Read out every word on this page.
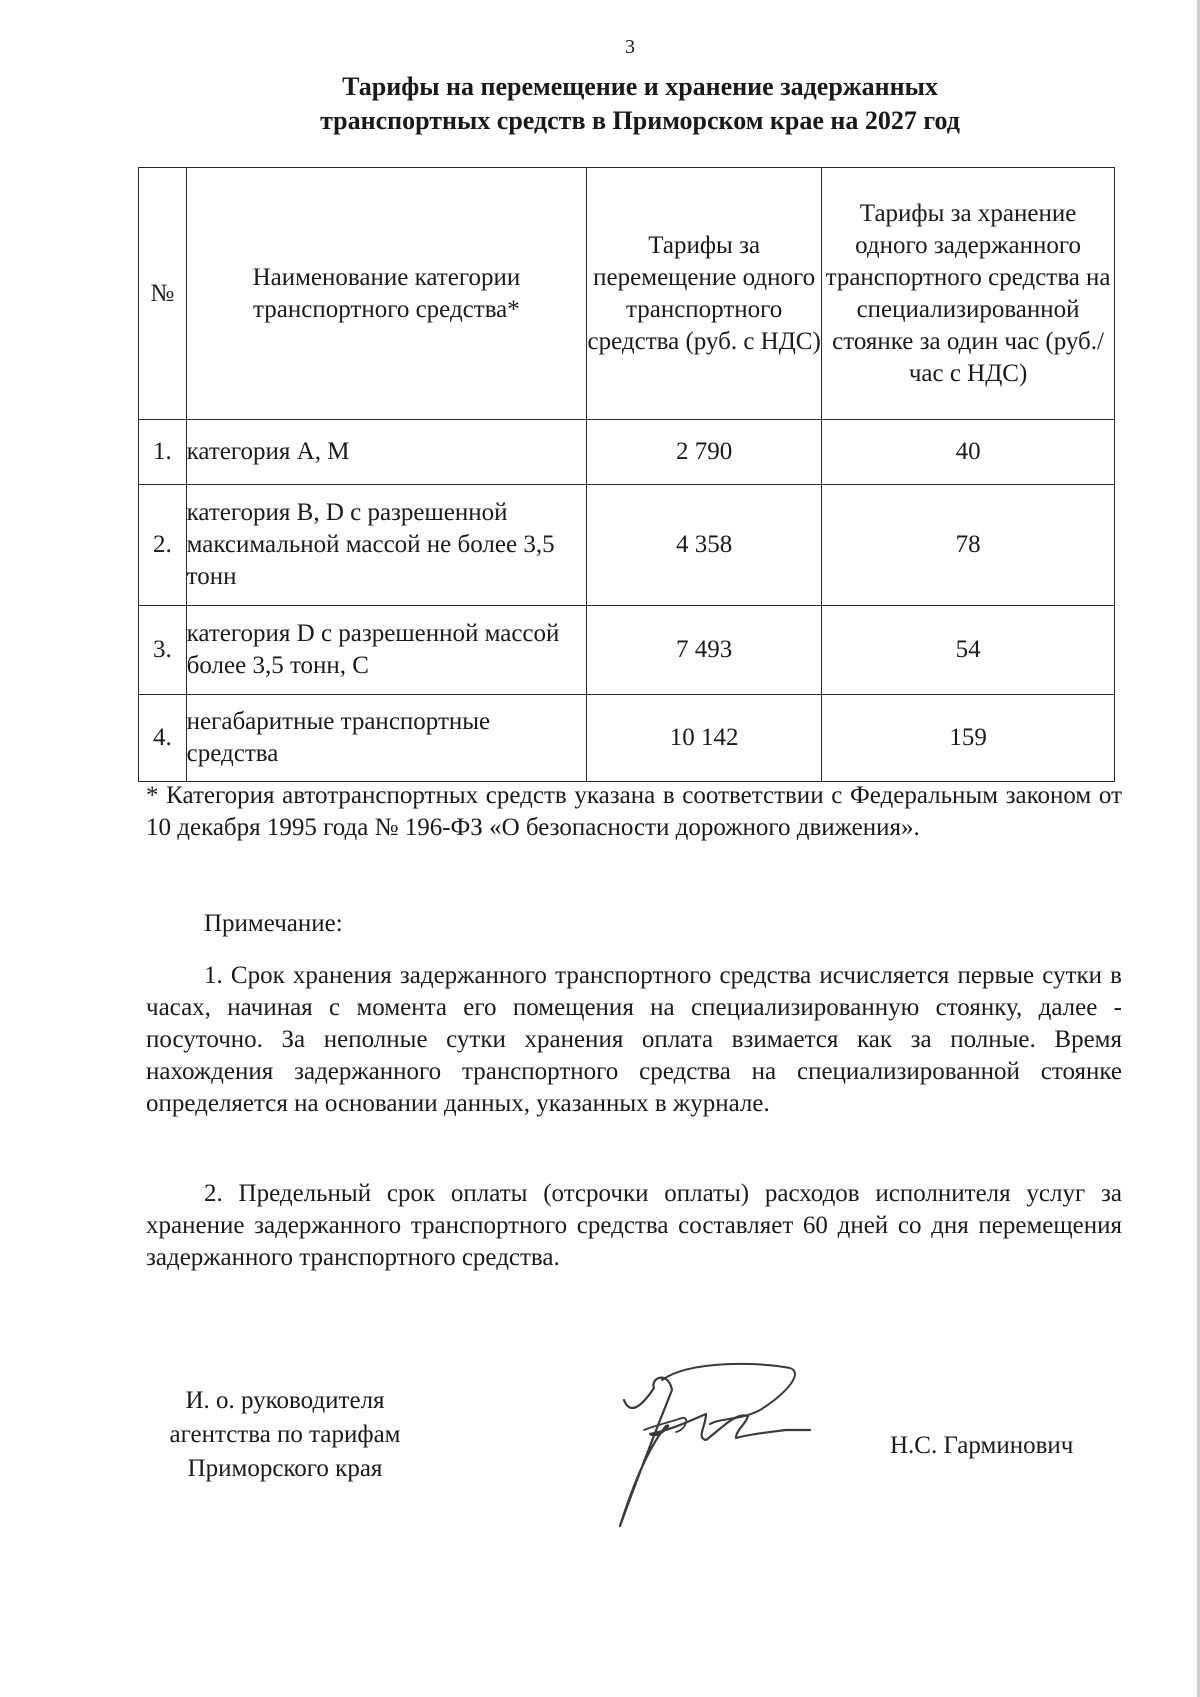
3
Тарифы на перемещение и хранение задержанных
транспортных средств в Приморском крае на 2027 год
№	Наименование категории транспортного средства*	Тарифы за перемещение одного транспортного средства (руб. с НДС)	Тарифы за хранение одного задержанного транспортного средства на специализированной стоянке за один час (руб./час с НДС)
1.	категория А, М	2 790	40
2.	категория В, D с разрешенной максимальной массой не более 3,5 тонн	4 358	78
3.	категория D с разрешенной массой более 3,5 тонн, С	7 493	54
4.	негабаритные транспортные средства	10 142	159
* Категория автотранспортных средств указана в соответствии с Федеральным законом от 10 декабря 1995 года № 196-ФЗ «О безопасности дорожного движения».
Примечание:
1. Срок хранения задержанного транспортного средства исчисляется первые сутки в часах, начиная с момента его помещения на специализированную стоянку, далее - посуточно. За неполные сутки хранения оплата взимается как за полные. Время нахождения задержанного транспортного средства на специализированной стоянке определяется на основании данных, указанных в журнале.
2. Предельный срок оплаты (отсрочки оплаты) расходов исполнителя услуг за хранение задержанного транспортного средства составляет 60 дней со дня перемещения задержанного транспортного средства.
И. о. руководителя
агентства по тарифам
Приморского края
Н.С. Гарминович
